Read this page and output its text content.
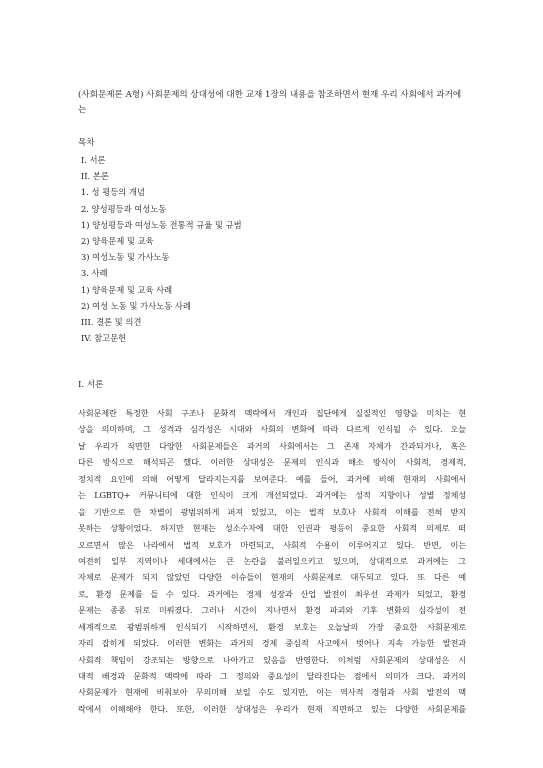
(사회문제론 A형) 사회문제의 상대성에 대한 교재 1장의 내용을 참조하면서 현재 우리 사회에서 과거에는
목차
I. 서론
II. 본론
1. 성 평등의 개념
2. 양성평등과 여성노동
1) 양성평등과 여성노동 전통적 규율 및 규범
2) 양육문제 및 교육
3) 여성노동 및 가사노동
3. 사례
1) 양육문제 및 교육 사례
2) 여성 노동 및 가사노동 사례
III. 결론 및 의견
IV. 참고문헌
I. 서론
사회문제란 특정한 사회 구조나 문화적 맥락에서 개인과 집단에게 실질적인 영향을 미치는 현
상을 의미하며, 그 성격과 심각성은 시대와 사회의 변화에 따라 다르게 인식될 수 있다. 오늘
날 우리가 직면한 다양한 사회문제들은 과거의 사회에서는 그 존재 자체가 간과되거나, 혹은
다른 방식으로 해석되곤 했다. 이러한 상대성은 문제의 인식과 해소 방식이 사회적, 경제적,
정치적 요인에 의해 어떻게 달라지는지를 보여준다. 예를 들어, 과거에 비해 현재의 사회에서
는 LGBTQ+ 커뮤니티에 대한 인식이 크게 개선되었다. 과거에는 성적 지향이나 성별 정체성
을 기반으로 한 차별이 광범위하게 퍼져 있었고, 이는 법적 보호나 사회적 이해를 전혀 받지
못하는 상황이었다. 하지만 현재는 성소수자에 대한 인권과 평등이 중요한 사회적 의제로 떠
오르면서 많은 나라에서 법적 보호가 마련되고, 사회적 수용이 이루어지고 있다. 반면, 이는
여전히 일부 지역이나 세대에서는 큰 논란을 불러일으키고 있으며, 상대적으로 과거에는 그
자체로 문제가 되지 않았던 다양한 이슈들이 현재의 사회문제로 대두되고 있다. 또 다른 예
로, 환경 문제를 들 수 있다. 과거에는 경제 성장과 산업 발전이 최우선 과제가 되었고, 환경
문제는 종종 뒤로 미뤄졌다. 그러나 시간이 지나면서 환경 파괴와 기후 변화의 심각성이 전
세계적으로 광범위하게 인식되기 시작하면서, 환경 보호는 오늘날의 가장 중요한 사회문제로
자리 잡히게 되었다. 이러한 변화는 과거의 경제 중심적 사고에서 벗어나 지속 가능한 발전과
사회적 책임이 강조되는 방향으로 나아가고 있음을 반영한다. 이처럼 사회문제의 상대성은 시
대적 배경과 문화적 맥락에 따라 그 정의와 중요성이 달라진다는 점에서 의미가 크다. 과거의
사회문제가 현재에 비춰보아 무의미해 보일 수도 있지만, 이는 역사적 경험과 사회 발전의 맥
락에서 이해해야 한다. 또한, 이러한 상대성은 우리가 현재 직면하고 있는 다양한 사회문제를
